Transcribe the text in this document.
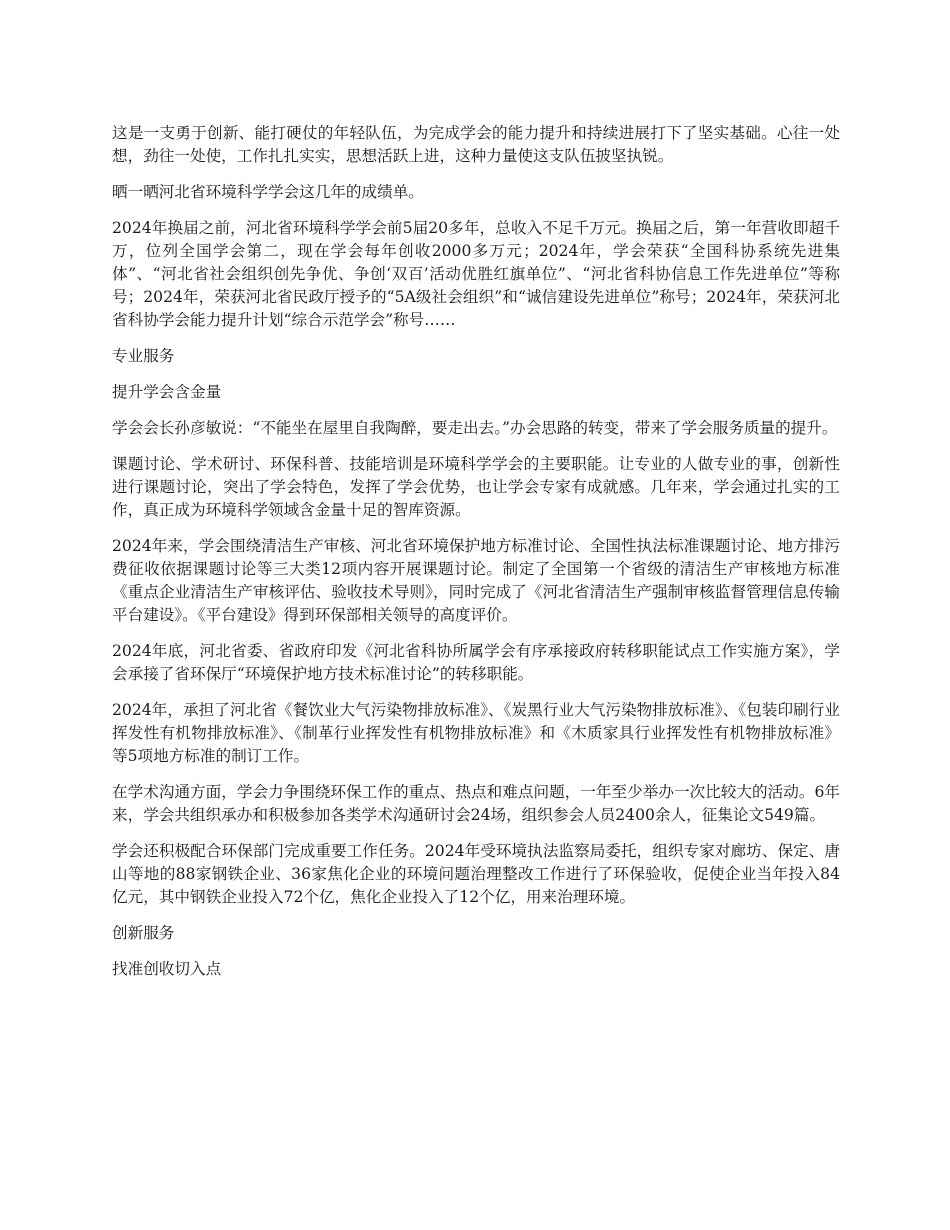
这是一支勇于创新、能打硬仗的年轻队伍，为完成学会的能力提升和持续进展打下了坚实基础。心往一处想，劲往一处使，工作扎扎实实，思想活跃上进，这种力量使这支队伍披坚执锐。

晒一晒河北省环境科学学会这几年的成绩单。

2024年换届之前，河北省环境科学学会前5届20多年，总收入不足千万元。换届之后，第一年营收即超千万，位列全国学会第二，现在学会每年创收2000多万元；2024年，学会荣获“全国科协系统先进集体”、“河北省社会组织创先争优、争创‘双百’活动优胜红旗单位”、“河北省科协信息工作先进单位”等称号；2024年，荣获河北省民政厅授予的“5A级社会组织”和“诚信建设先进单位”称号；2024年，荣获河北省科协学会能力提升计划“综合示范学会”称号……

专业服务

提升学会含金量

学会会长孙彦敏说：“不能坐在屋里自我陶醉，要走出去。”办会思路的转变，带来了学会服务质量的提升。

课题讨论、学术研讨、环保科普、技能培训是环境科学学会的主要职能。让专业的人做专业的事，创新性进行课题讨论，突出了学会特色，发挥了学会优势，也让学会专家有成就感。几年来，学会通过扎实的工作，真正成为环境科学领域含金量十足的智库资源。

2024年来，学会围绕清洁生产审核、河北省环境保护地方标准讨论、全国性执法标准课题讨论、地方排污费征收依据课题讨论等三大类12项内容开展课题讨论。制定了全国第一个省级的清洁生产审核地方标准《重点企业清洁生产审核评估、验收技术导则》，同时完成了《河北省清洁生产强制审核监督管理信息传输平台建设》。《平台建设》得到环保部相关领导的高度评价。

2024年底，河北省委、省政府印发《河北省科协所属学会有序承接政府转移职能试点工作实施方案》，学会承接了省环保厅“环境保护地方技术标准讨论”的转移职能。

2024年，承担了河北省《餐饮业大气污染物排放标准》、《炭黑行业大气污染物排放标准》、《包装印刷行业挥发性有机物排放标准》、《制革行业挥发性有机物排放标准》和《木质家具行业挥发性有机物排放标准》等5项地方标准的制订工作。

在学术沟通方面，学会力争围绕环保工作的重点、热点和难点问题，一年至少举办一次比较大的活动。6年来，学会共组织承办和积极参加各类学术沟通研讨会24场，组织参会人员2400余人，征集论文549篇。

学会还积极配合环保部门完成重要工作任务。2024年受环境执法监察局委托，组织专家对廊坊、保定、唐山等地的88家钢铁企业、36家焦化企业的环境问题治理整改工作进行了环保验收，促使企业当年投入84亿元，其中钢铁企业投入72个亿，焦化企业投入了12个亿，用来治理环境。

创新服务

找准创收切入点
